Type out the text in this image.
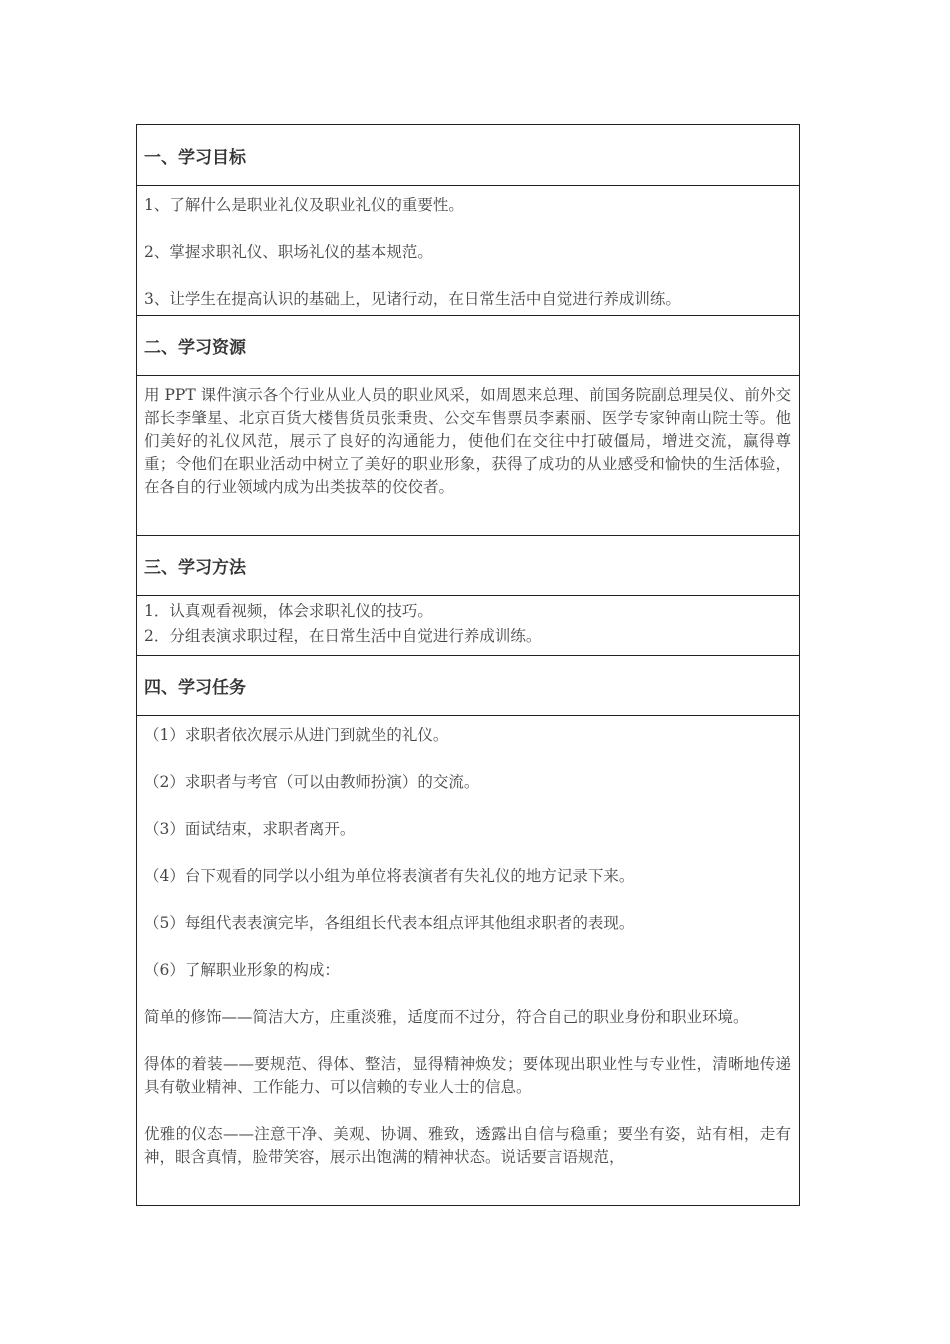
一、学习目标

1、了解什么是职业礼仪及职业礼仪的重要性。

2、掌握求职礼仪、职场礼仪的基本规范。

3、让学生在提高认识的基础上，见诸行动，在日常生活中自觉进行养成训练。

二、学习资源

用 PPT 课件演示各个行业从业人员的职业风采，如周恩来总理、前国务院副总理吴仪、前外交部长李肇星、北京百货大楼售货员张秉贵、公交车售票员李素丽、医学专家钟南山院士等。他们美好的礼仪风范，展示了良好的沟通能力，使他们在交往中打破僵局，增进交流，赢得尊重；令他们在职业活动中树立了美好的职业形象，获得了成功的从业感受和愉快的生活体验，在各自的行业领域内成为出类拔萃的佼佼者。

三、学习方法

1．认真观看视频，体会求职礼仪的技巧。

2．分组表演求职过程，在日常生活中自觉进行养成训练。

四、学习任务

（1）求职者依次展示从进门到就坐的礼仪。

（2）求职者与考官（可以由教师扮演）的交流。

（3）面试结束，求职者离开。

（4）台下观看的同学以小组为单位将表演者有失礼仪的地方记录下来。

（5）每组代表表演完毕，各组组长代表本组点评其他组求职者的表现。

（6）了解职业形象的构成：

简单的修饰——简洁大方，庄重淡雅，适度而不过分，符合自己的职业身份和职业环境。

得体的着装——要规范、得体、整洁，显得精神焕发；要体现出职业性与专业性，清晰地传递具有敬业精神、工作能力、可以信赖的专业人士的信息。

优雅的仪态——注意干净、美观、协调、雅致，透露出自信与稳重；要坐有姿，站有相，走有神，眼含真情，脸带笑容，展示出饱满的精神状态。说话要言语规范，
